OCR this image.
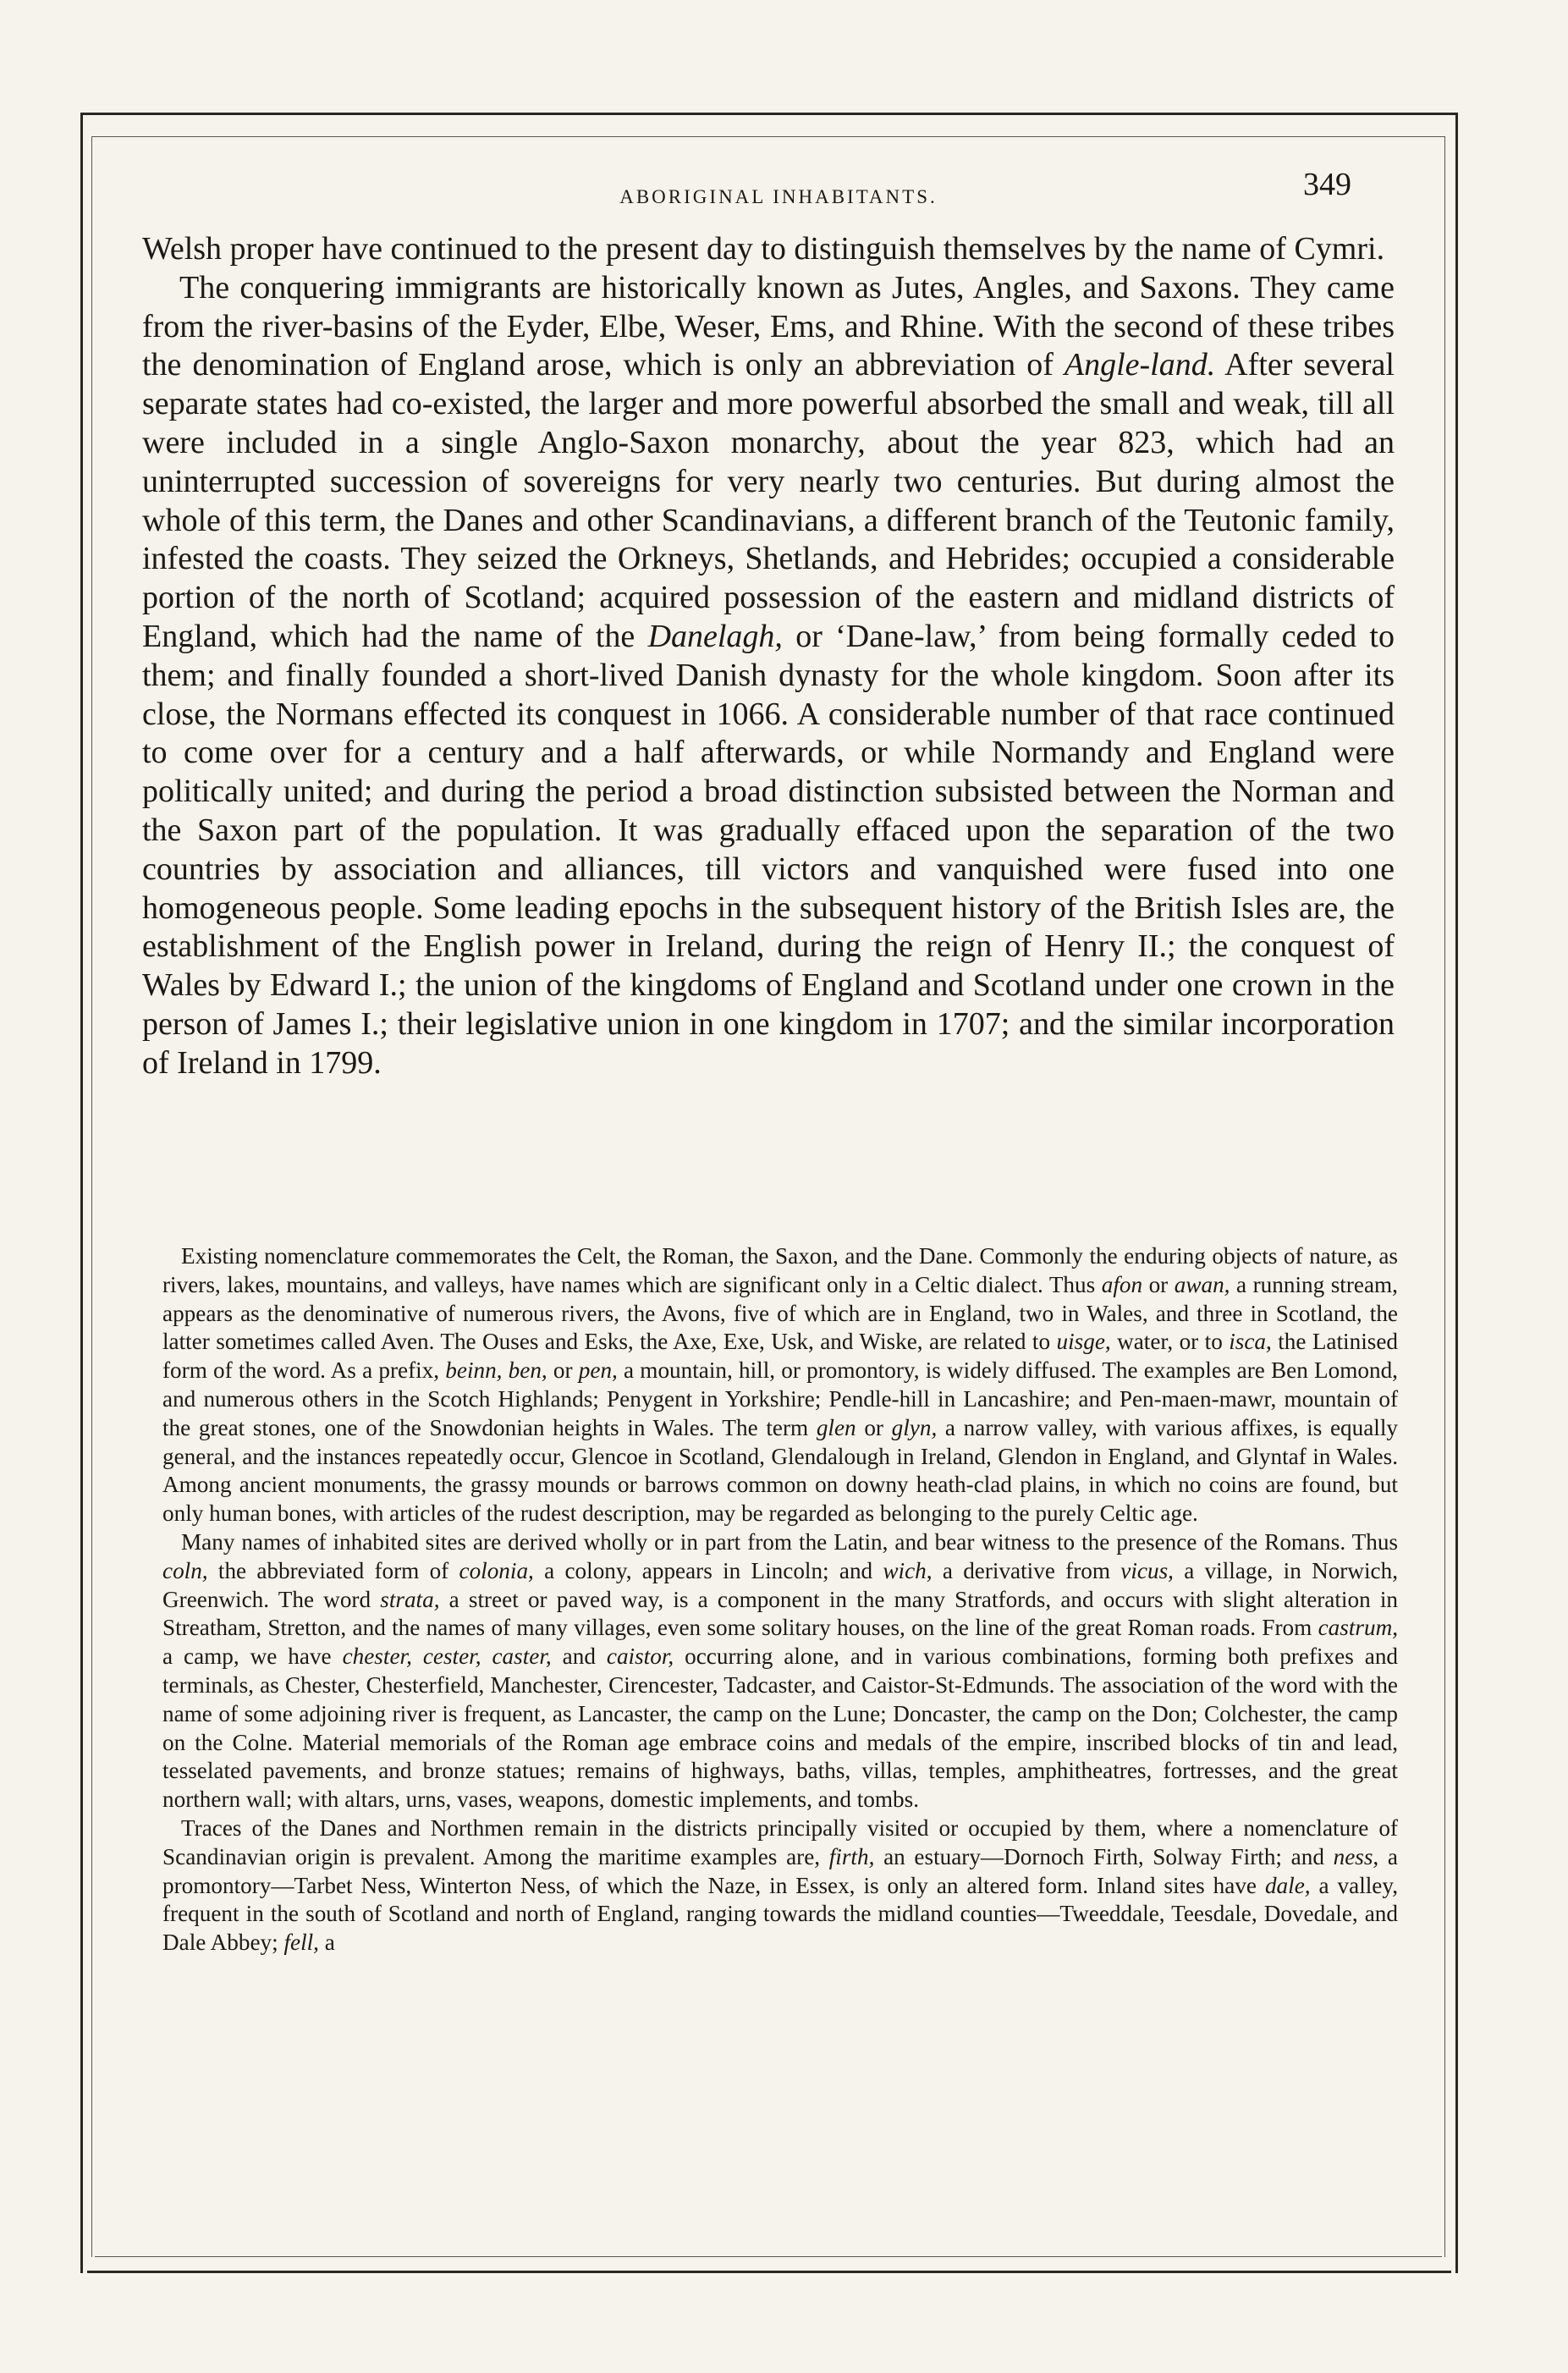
ABORIGINAL INHABITANTS.	349

Welsh proper have continued to the present day to distinguish themselves by the name of Cymri.

The conquering immigrants are historically known as Jutes, Angles, and Saxons. They came from the river-basins of the Eyder, Elbe, Weser, Ems, and Rhine. With the second of these tribes the denomination of England arose, which is only an abbreviation of Angle-land. After several separate states had co-existed, the larger and more powerful absorbed the small and weak, till all were included in a single Anglo-Saxon monarchy, about the year 823, which had an uninterrupted succession of sovereigns for very nearly two centuries. But during almost the whole of this term, the Danes and other Scandinavians, a different branch of the Teutonic family, infested the coasts. They seized the Orkneys, Shetlands, and Hebrides; occupied a considerable portion of the north of Scotland; acquired possession of the eastern and midland districts of England, which had the name of the Danelagh, or ‘Dane-law,’ from being formally ceded to them; and finally founded a short-lived Danish dynasty for the whole kingdom. Soon after its close, the Normans effected its conquest in 1066. A considerable number of that race continued to come over for a century and a half afterwards, or while Normandy and England were politically united; and during the period a broad distinction subsisted between the Norman and the Saxon part of the population. It was gradually effaced upon the separation of the two countries by association and alliances, till victors and vanquished were fused into one homogeneous people. Some leading epochs in the subsequent history of the British Isles are, the establishment of the English power in Ireland, during the reign of Henry II.; the conquest of Wales by Edward I.; the union of the kingdoms of England and Scotland under one crown in the person of James I.; their legislative union in one kingdom in 1707; and the similar incorporation of Ireland in 1799.

Existing nomenclature commemorates the Celt, the Roman, the Saxon, and the Dane. Commonly the enduring objects of nature, as rivers, lakes, mountains, and valleys, have names which are significant only in a Celtic dialect. Thus afon or awan, a running stream, appears as the denominative of numerous rivers, the Avons, five of which are in England, two in Wales, and three in Scotland, the latter sometimes called Aven. The Ouses and Esks, the Axe, Exe, Usk, and Wiske, are related to uisge, water, or to isca, the Latinised form of the word. As a prefix, beinn, ben, or pen, a mountain, hill, or promontory, is widely diffused. The examples are Ben Lomond, and numerous others in the Scotch Highlands; Penygent in Yorkshire; Pendle-hill in Lancashire; and Pen-maen-mawr, mountain of the great stones, one of the Snowdonian heights in Wales. The term glen or glyn, a narrow valley, with various affixes, is equally general, and the instances repeatedly occur, Glencoe in Scotland, Glendalough in Ireland, Glendon in England, and Glyntaf in Wales. Among ancient monuments, the grassy mounds or barrows common on downy heath-clad plains, in which no coins are found, but only human bones, with articles of the rudest description, may be regarded as belonging to the purely Celtic age.

Many names of inhabited sites are derived wholly or in part from the Latin, and bear witness to the presence of the Romans. Thus coln, the abbreviated form of colonia, a colony, appears in Lincoln; and wich, a derivative from vicus, a village, in Norwich, Greenwich. The word strata, a street or paved way, is a component in the many Stratfords, and occurs with slight alteration in Streatham, Stretton, and the names of many villages, even some solitary houses, on the line of the great Roman roads. From castrum, a camp, we have chester, cester, caster, and caistor, occurring alone, and in various combinations, forming both prefixes and terminals, as Chester, Chesterfield, Manchester, Cirencester, Tadcaster, and Caistor-St-Edmunds. The association of the word with the name of some adjoining river is frequent, as Lancaster, the camp on the Lune; Doncaster, the camp on the Don; Colchester, the camp on the Colne. Material memorials of the Roman age embrace coins and medals of the empire, inscribed blocks of tin and lead, tesselated pavements, and bronze statues; remains of highways, baths, villas, temples, amphitheatres, fortresses, and the great northern wall; with altars, urns, vases, weapons, domestic implements, and tombs.

Traces of the Danes and Northmen remain in the districts principally visited or occupied by them, where a nomenclature of Scandinavian origin is prevalent. Among the maritime examples are, firth, an estuary—Dornoch Firth, Solway Firth; and ness, a promontory—Tarbet Ness, Winterton Ness, of which the Naze, in Essex, is only an altered form. Inland sites have dale, a valley, frequent in the south of Scotland and north of England, ranging towards the midland counties—Tweeddale, Teesdale, Dovedale, and Dale Abbey; fell, a
